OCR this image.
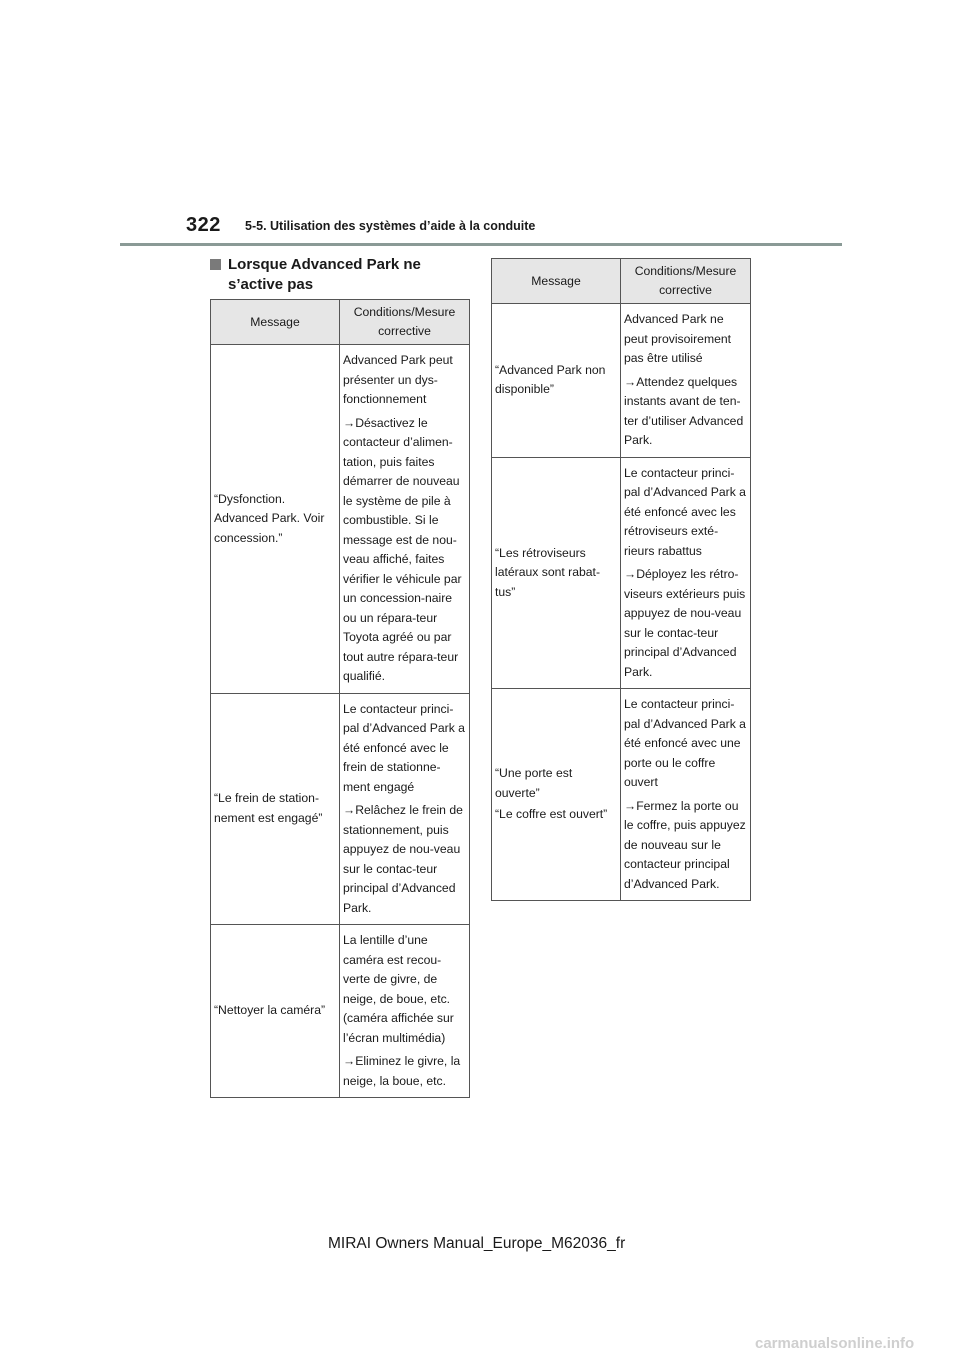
322 5-5. Utilisation des systèmes d’aide à la conduite
Lorsque Advanced Park ne s’active pas
Message	Conditions/Mesure corrective

“Dysfonction. Advanced Park. Voir concession.”	Advanced Park peut présenter un dys-fonctionnement
→Désactivez le contacteur d’alimen-tation, puis faites démarrer de nouveau le système de pile à combustible. Si le message est de nou-veau affiché, faites vérifier le véhicule par un concession-naire ou un répara-teur Toyota agréé ou par tout autre répara-teur qualifié.

“Le frein de station-nement est engagé”	Le contacteur princi-pal d’Advanced Park a été enfoncé avec le frein de stationne-ment engagé
→Relâchez le frein de stationnement, puis appuyez de nou-veau sur le contac-teur principal d’Advanced Park.

“Nettoyer la caméra”	La lentille d’une caméra est recou-verte de givre, de neige, de boue, etc. (caméra affichée sur l’écran multimédia)
→Eliminez le givre, la neige, la boue, etc.
Message	Conditions/Mesure corrective

“Advanced Park non disponible”	Advanced Park ne peut provisoirement pas être utilisé
→Attendez quelques instants avant de ten-ter d’utiliser Advanced Park.

“Les rétroviseurs latéraux sont rabat-tus”	Le contacteur princi-pal d’Advanced Park a été enfoncé avec les rétroviseurs exté-rieurs rabattus
→Déployez les rétro-viseurs extérieurs puis appuyez de nou-veau sur le contac-teur principal d’Advanced Park.

“Une porte est ouverte”
“Le coffre est ouvert”	Le contacteur princi-pal d’Advanced Park a été enfoncé avec une porte ou le coffre ouvert
→Fermez la porte ou le coffre, puis appuyez de nouveau sur le contacteur principal d’Advanced Park.
MIRAI Owners Manual_Europe_M62036_fr
carmanualsonline.info
